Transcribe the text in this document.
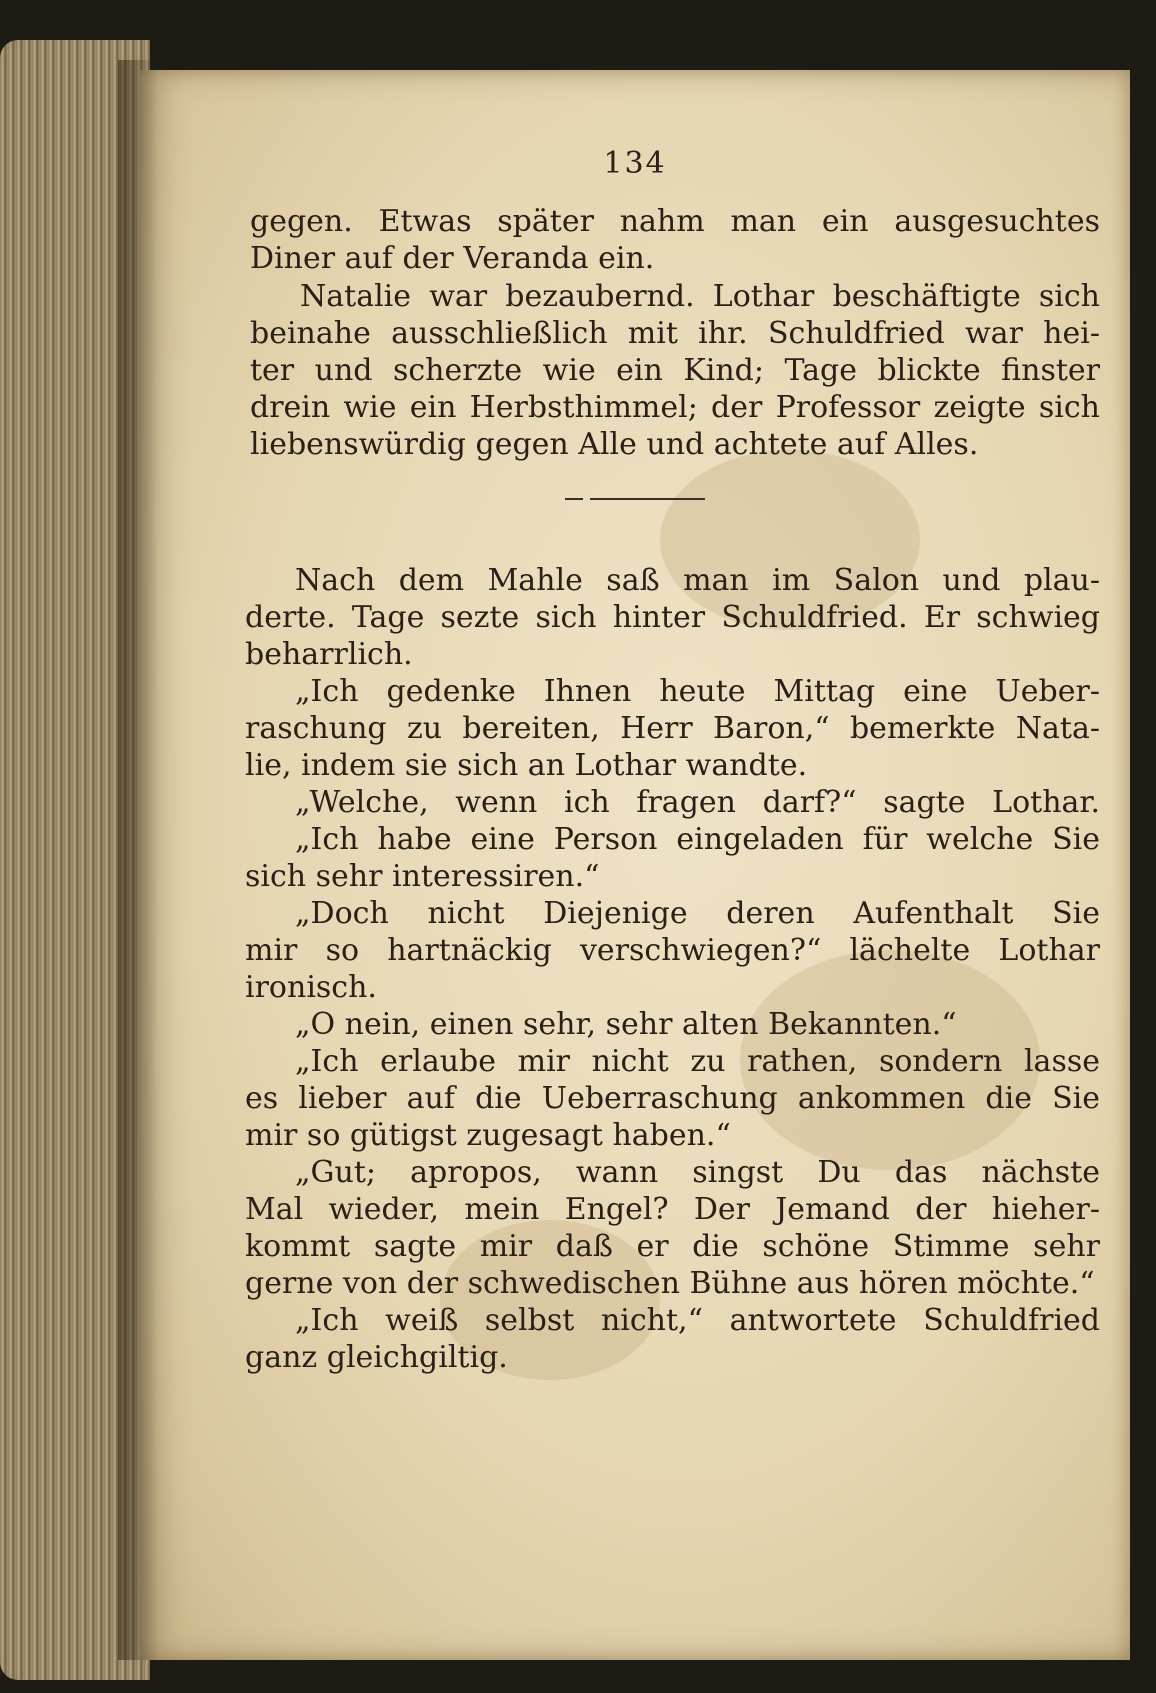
134
gegen. Etwas später nahm man ein ausgesuchtes
Diner auf der Veranda ein.
Natalie war bezaubernd. Lothar beschäftigte sich
beinahe ausschließlich mit ihr. Schuldfried war hei-
ter und scherzte wie ein Kind; Tage blickte finster
drein wie ein Herbsthimmel; der Professor zeigte sich
liebenswürdig gegen Alle und achtete auf Alles.
Nach dem Mahle saß man im Salon und plau-
derte. Tage sezte sich hinter Schuldfried. Er schwieg
beharrlich.
„Ich gedenke Ihnen heute Mittag eine Ueber-
raschung zu bereiten, Herr Baron,“ bemerkte Nata-
lie, indem sie sich an Lothar wandte.
„Welche, wenn ich fragen darf?“ sagte Lothar.
„Ich habe eine Person eingeladen für welche Sie
sich sehr interessiren.“
„Doch nicht Diejenige deren Aufenthalt Sie
mir so hartnäckig verschwiegen?“ lächelte Lothar
ironisch.
„O nein, einen sehr, sehr alten Bekannten.“
„Ich erlaube mir nicht zu rathen, sondern lasse
es lieber auf die Ueberraschung ankommen die Sie
mir so gütigst zugesagt haben.“
„Gut; apropos, wann singst Du das nächste
Mal wieder, mein Engel? Der Jemand der hieher-
kommt sagte mir daß er die schöne Stimme sehr
gerne von der schwedischen Bühne aus hören möchte.“
„Ich weiß selbst nicht,“ antwortete Schuldfried
ganz gleichgiltig.
